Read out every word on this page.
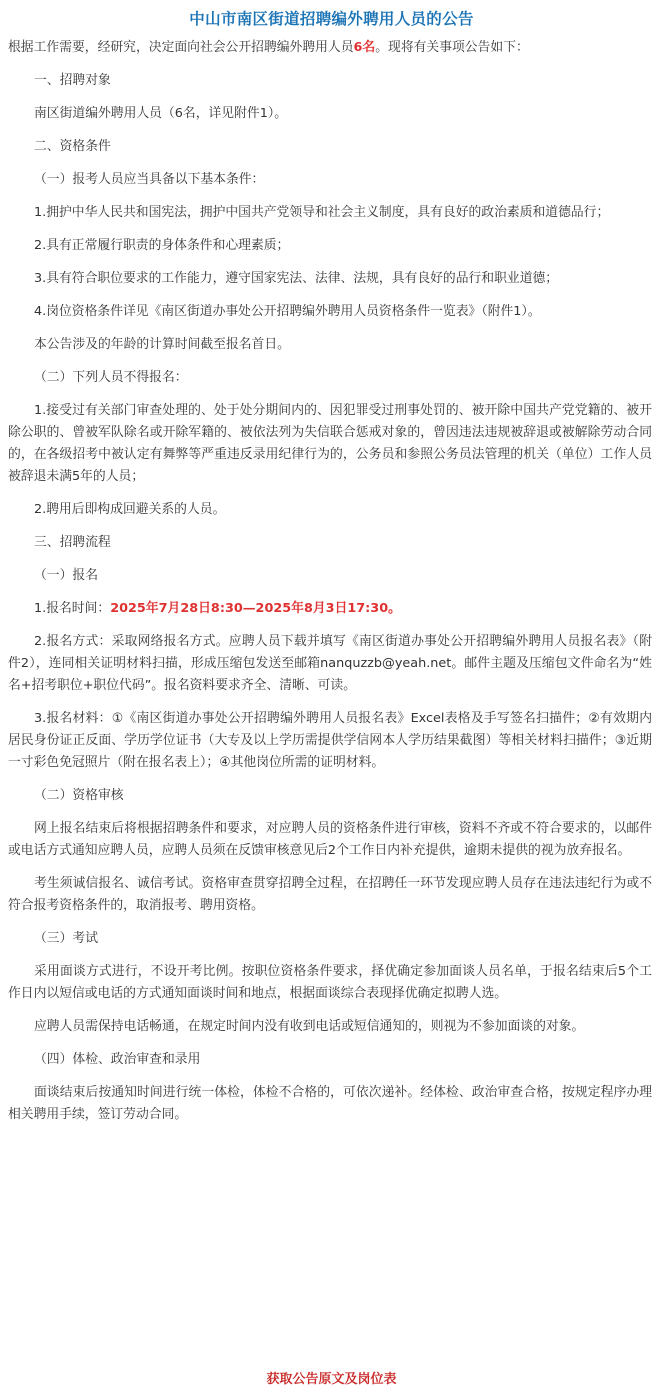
中山市南区街道招聘编外聘用人员的公告

根据工作需要，经研究，决定面向社会公开招聘编外聘用人员6名。现将有关事项公告如下：

一、招聘对象

南区街道编外聘用人员（6名，详见附件1）。

二、资格条件

（一）报考人员应当具备以下基本条件：

1.拥护中华人民共和国宪法，拥护中国共产党领导和社会主义制度，具有良好的政治素质和道德品行；

2.具有正常履行职责的身体条件和心理素质；

3.具有符合职位要求的工作能力，遵守国家宪法、法律、法规，具有良好的品行和职业道德；

4.岗位资格条件详见《南区街道办事处公开招聘编外聘用人员资格条件一览表》（附件1）。

本公告涉及的年龄的计算时间截至报名首日。

（二）下列人员不得报名：

1.接受过有关部门审查处理的、处于处分期间内的、因犯罪受过刑事处罚的、被开除中国共产党党籍的、被开除公职的、曾被军队除名或开除军籍的、被依法列为失信联合惩戒对象的，曾因违法违规被辞退或被解除劳动合同的，在各级招考中被认定有舞弊等严重违反录用纪律行为的，公务员和参照公务员法管理的机关（单位）工作人员被辞退未满5年的人员；

2.聘用后即构成回避关系的人员。

三、招聘流程

（一）报名

1.报名时间：2025年7月28日8:30—2025年8月3日17:30。

2.报名方式：采取网络报名方式。应聘人员下载并填写《南区街道办事处公开招聘编外聘用人员报名表》（附件2），连同相关证明材料扫描，形成压缩包发送至邮箱nanquzzb@yeah.net。邮件主题及压缩包文件命名为“姓名+招考职位+职位代码”。报名资料要求齐全、清晰、可读。

3.报名材料：①《南区街道办事处公开招聘编外聘用人员报名表》Excel表格及手写签名扫描件；②有效期内居民身份证正反面、学历学位证书（大专及以上学历需提供学信网本人学历结果截图）等相关材料扫描件；③近期一寸彩色免冠照片（附在报名表上）；④其他岗位所需的证明材料。

（二）资格审核

网上报名结束后将根据招聘条件和要求，对应聘人员的资格条件进行审核，资料不齐或不符合要求的，以邮件或电话方式通知应聘人员，应聘人员须在反馈审核意见后2个工作日内补充提供，逾期未提供的视为放弃报名。

考生须诚信报名、诚信考试。资格审查贯穿招聘全过程，在招聘任一环节发现应聘人员存在违法违纪行为或不符合报考资格条件的，取消报考、聘用资格。

（三）考试

采用面谈方式进行，不设开考比例。按职位资格条件要求，择优确定参加面谈人员名单，于报名结束后5个工作日内以短信或电话的方式通知面谈时间和地点，根据面谈综合表现择优确定拟聘人选。

应聘人员需保持电话畅通，在规定时间内没有收到电话或短信通知的，则视为不参加面谈的对象。

（四）体检、政治审查和录用

面谈结束后按通知时间进行统一体检，体检不合格的，可依次递补。经体检、政治审查合格，按规定程序办理相关聘用手续，签订劳动合同。

获取公告原文及岗位表
